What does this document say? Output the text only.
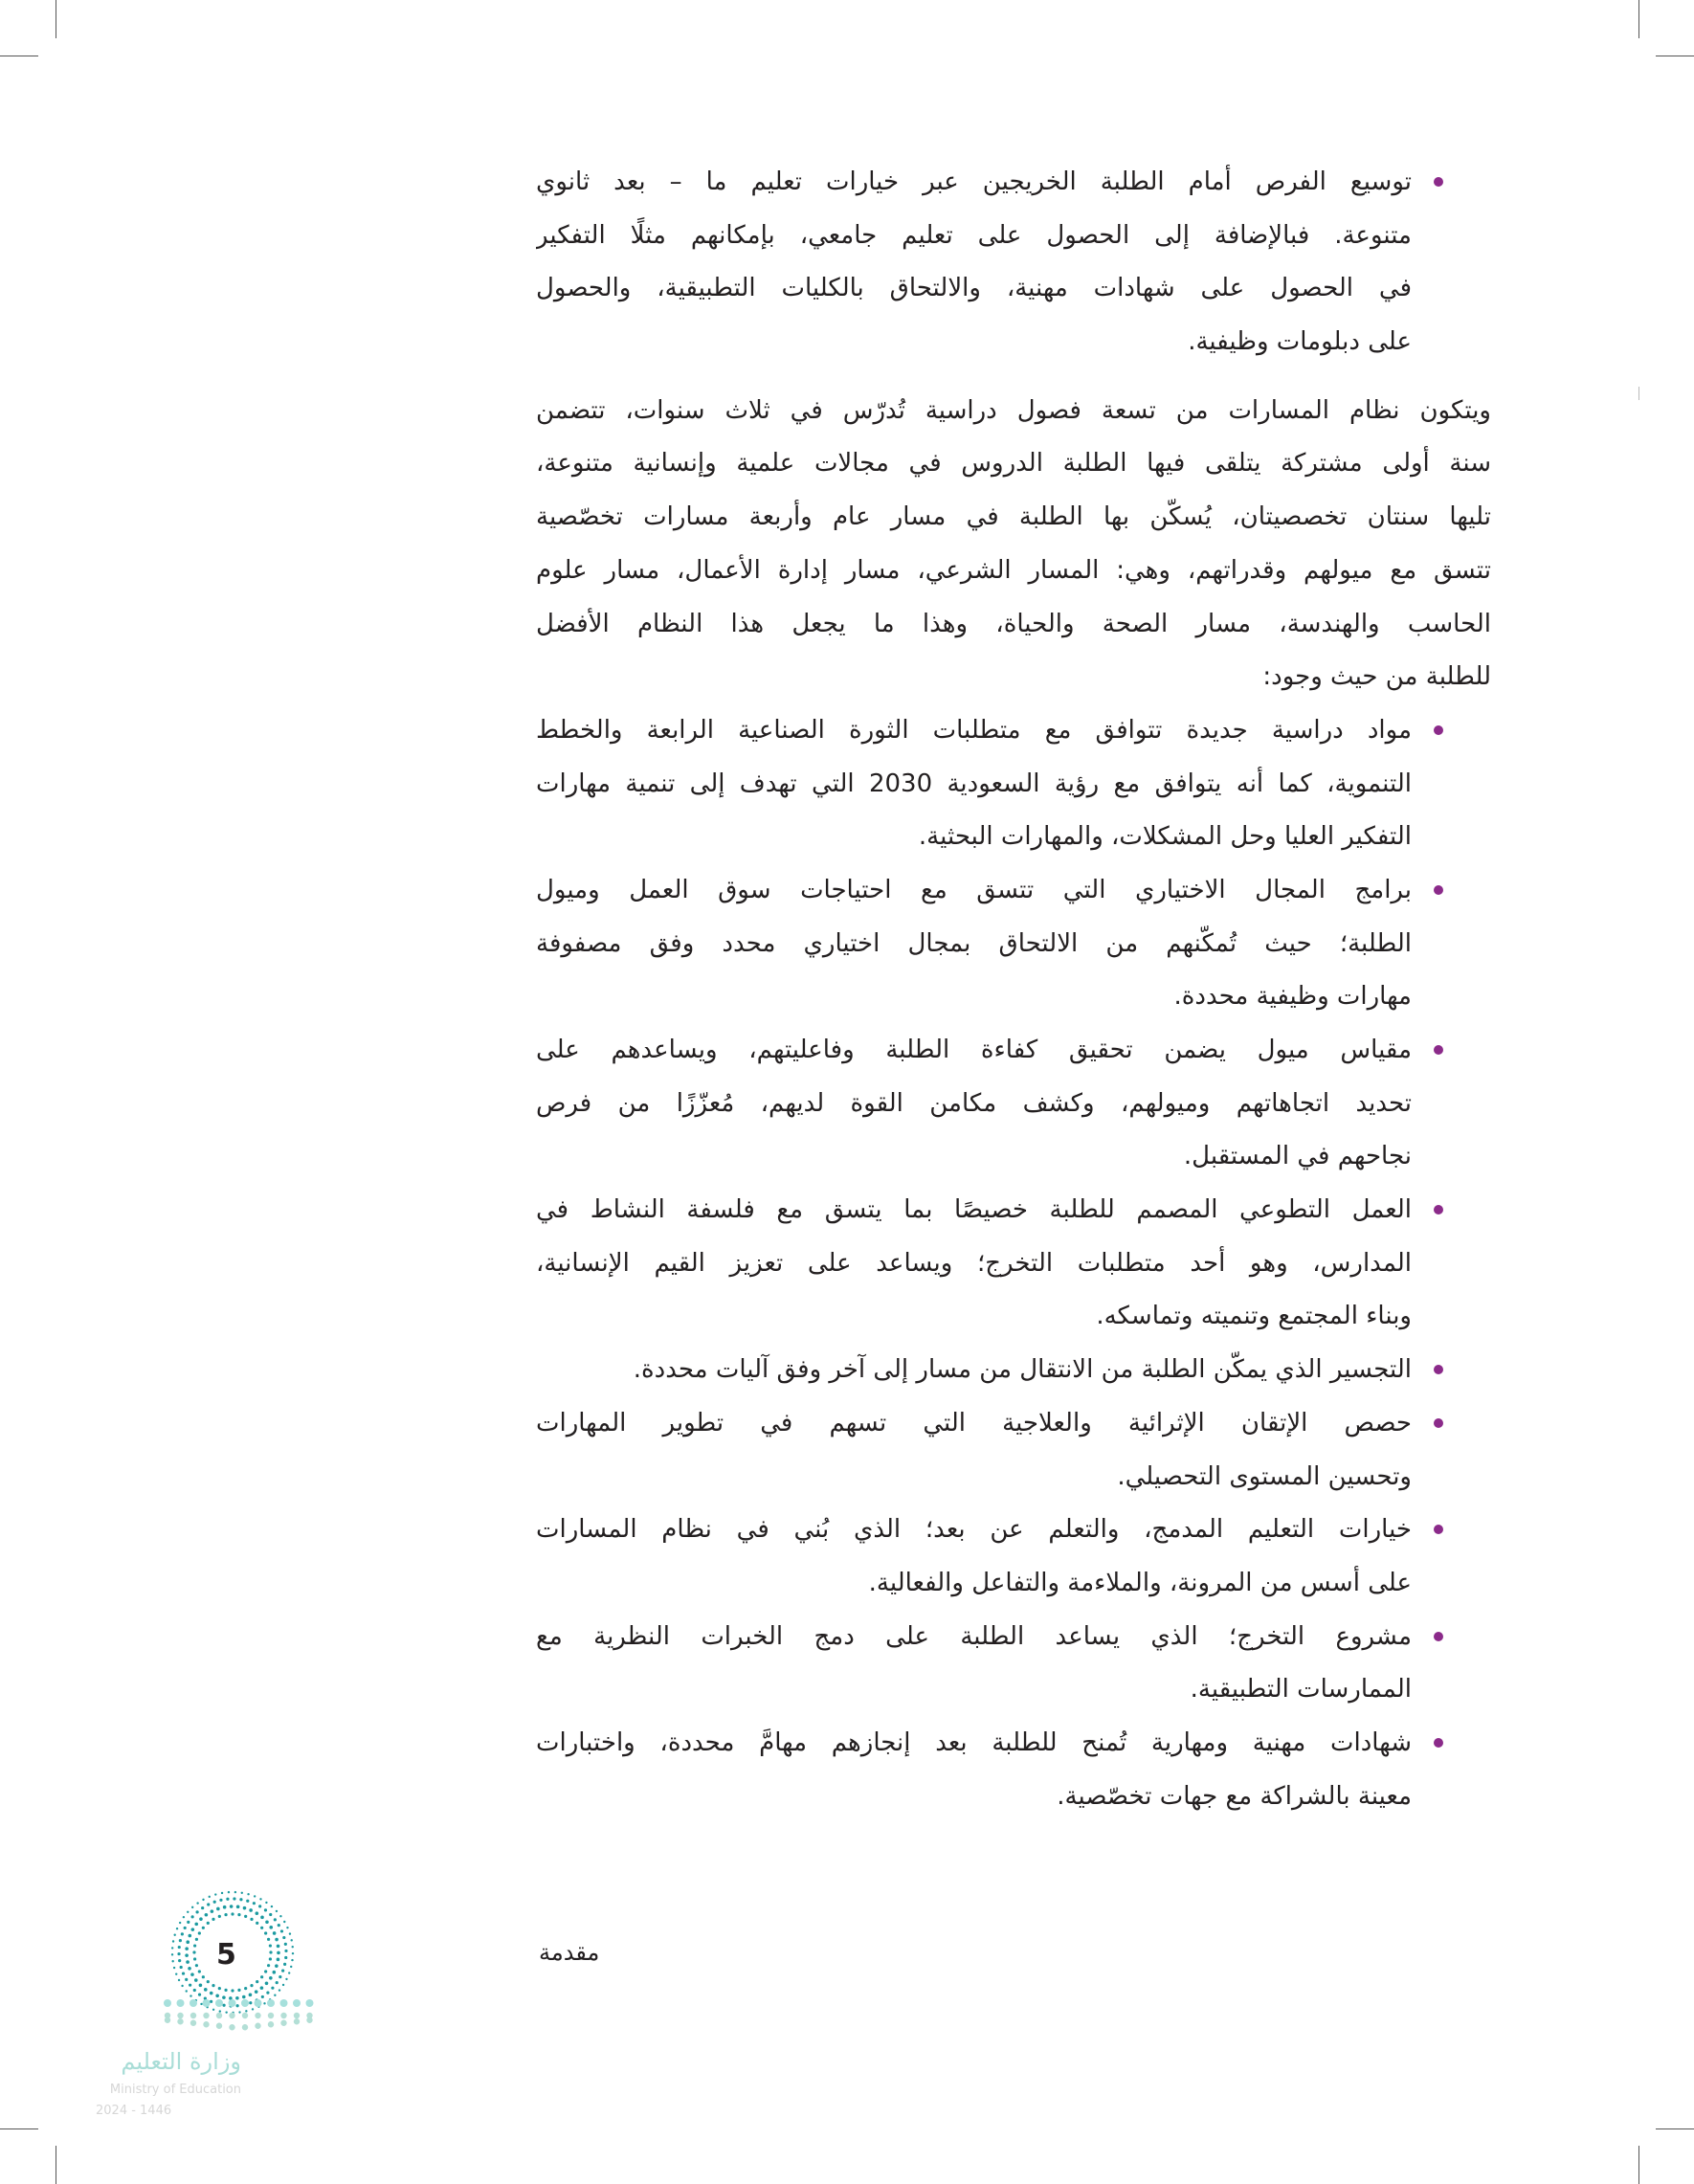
توسيع الفرص أمام الطلبة الخريجين عبر خيارات تعليم ما – بعد ثانوي
متنوعة. فبالإضافة إلى الحصول على تعليم جامعي، بإمكانهم مثلًا التفكير
في الحصول على شهادات مهنية، والالتحاق بالكليات التطبيقية، والحصول
على دبلومات وظيفية.
ويتكون نظام المسارات من تسعة فصول دراسية تُدرّس في ثلاث سنوات، تتضمن
سنة أولى مشتركة يتلقى فيها الطلبة الدروس في مجالات علمية وإنسانية متنوعة،
تليها سنتان تخصصيتان، يُسكّن بها الطلبة في مسار عام وأربعة مسارات تخصّصية
تتسق مع ميولهم وقدراتهم، وهي: المسار الشرعي، مسار إدارة الأعمال، مسار علوم
الحاسب والهندسة، مسار الصحة والحياة، وهذا ما يجعل هذا النظام الأفضل
للطلبة من حيث وجود:
مواد دراسية جديدة تتوافق مع متطلبات الثورة الصناعية الرابعة والخطط
التنموية، كما أنه يتوافق مع رؤية السعودية 2030 التي تهدف إلى تنمية مهارات
التفكير العليا وحل المشكلات، والمهارات البحثية.
برامج المجال الاختياري التي تتسق مع احتياجات سوق العمل وميول
الطلبة؛ حيث تُمكّنهم من الالتحاق بمجال اختياري محدد وفق مصفوفة
مهارات وظيفية محددة.
مقياس ميول يضمن تحقيق كفاءة الطلبة وفاعليتهم، ويساعدهم على
تحديد اتجاهاتهم وميولهم، وكشف مكامن القوة لديهم، مُعزّزًا من فرص
نجاحهم في المستقبل.
العمل التطوعي المصمم للطلبة خصيصًا بما يتسق مع فلسفة النشاط في
المدارس، وهو أحد متطلبات التخرج؛ ويساعد على تعزيز القيم الإنسانية،
وبناء المجتمع وتنميته وتماسكه.
التجسير الذي يمكّن الطلبة من الانتقال من مسار إلى آخر وفق آليات محددة.
حصص الإتقان الإثرائية والعلاجية التي تسهم في تطوير المهارات
وتحسين المستوى التحصيلي.
خيارات التعليم المدمج، والتعلم عن بعد؛ الذي بُني في نظام المسارات
على أسس من المرونة، والملاءمة والتفاعل والفعالية.
مشروع التخرج؛ الذي يساعد الطلبة على دمج الخبرات النظرية مع
الممارسات التطبيقية.
شهادات مهنية ومهارية تُمنح للطلبة بعد إنجازهم مهامَّ محددة، واختبارات
معينة بالشراكة مع جهات تخصّصية.
مقدمة
5
وزارة التعليم
Ministry of Education
2024 - 1446
